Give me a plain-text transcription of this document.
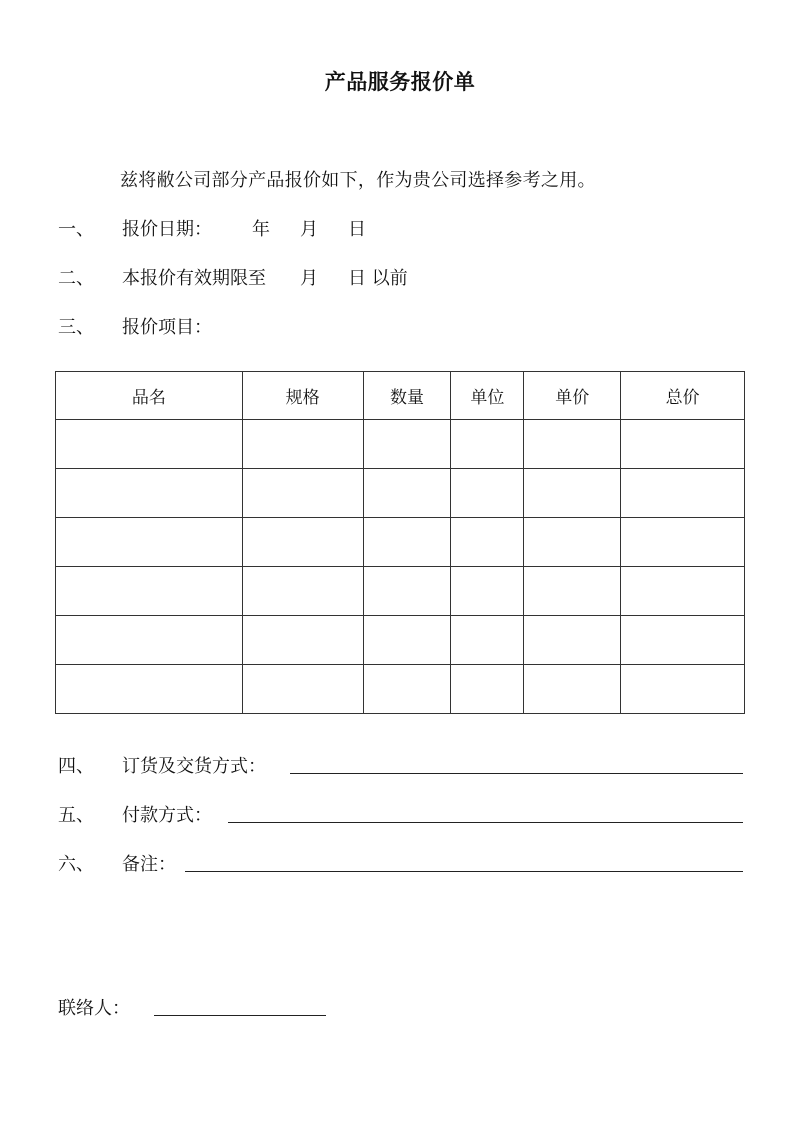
产品服务报价单
兹将敝公司部分产品报价如下，作为贵公司选择参考之用。
一、 报价日期： 年 月 日
二、 本报价有效期限至 月 日 以前
三、 报价项目：
品名	规格	数量	单位	单价	总价

四、 订货及交货方式：
五、 付款方式：
六、 备注：
联络人：
